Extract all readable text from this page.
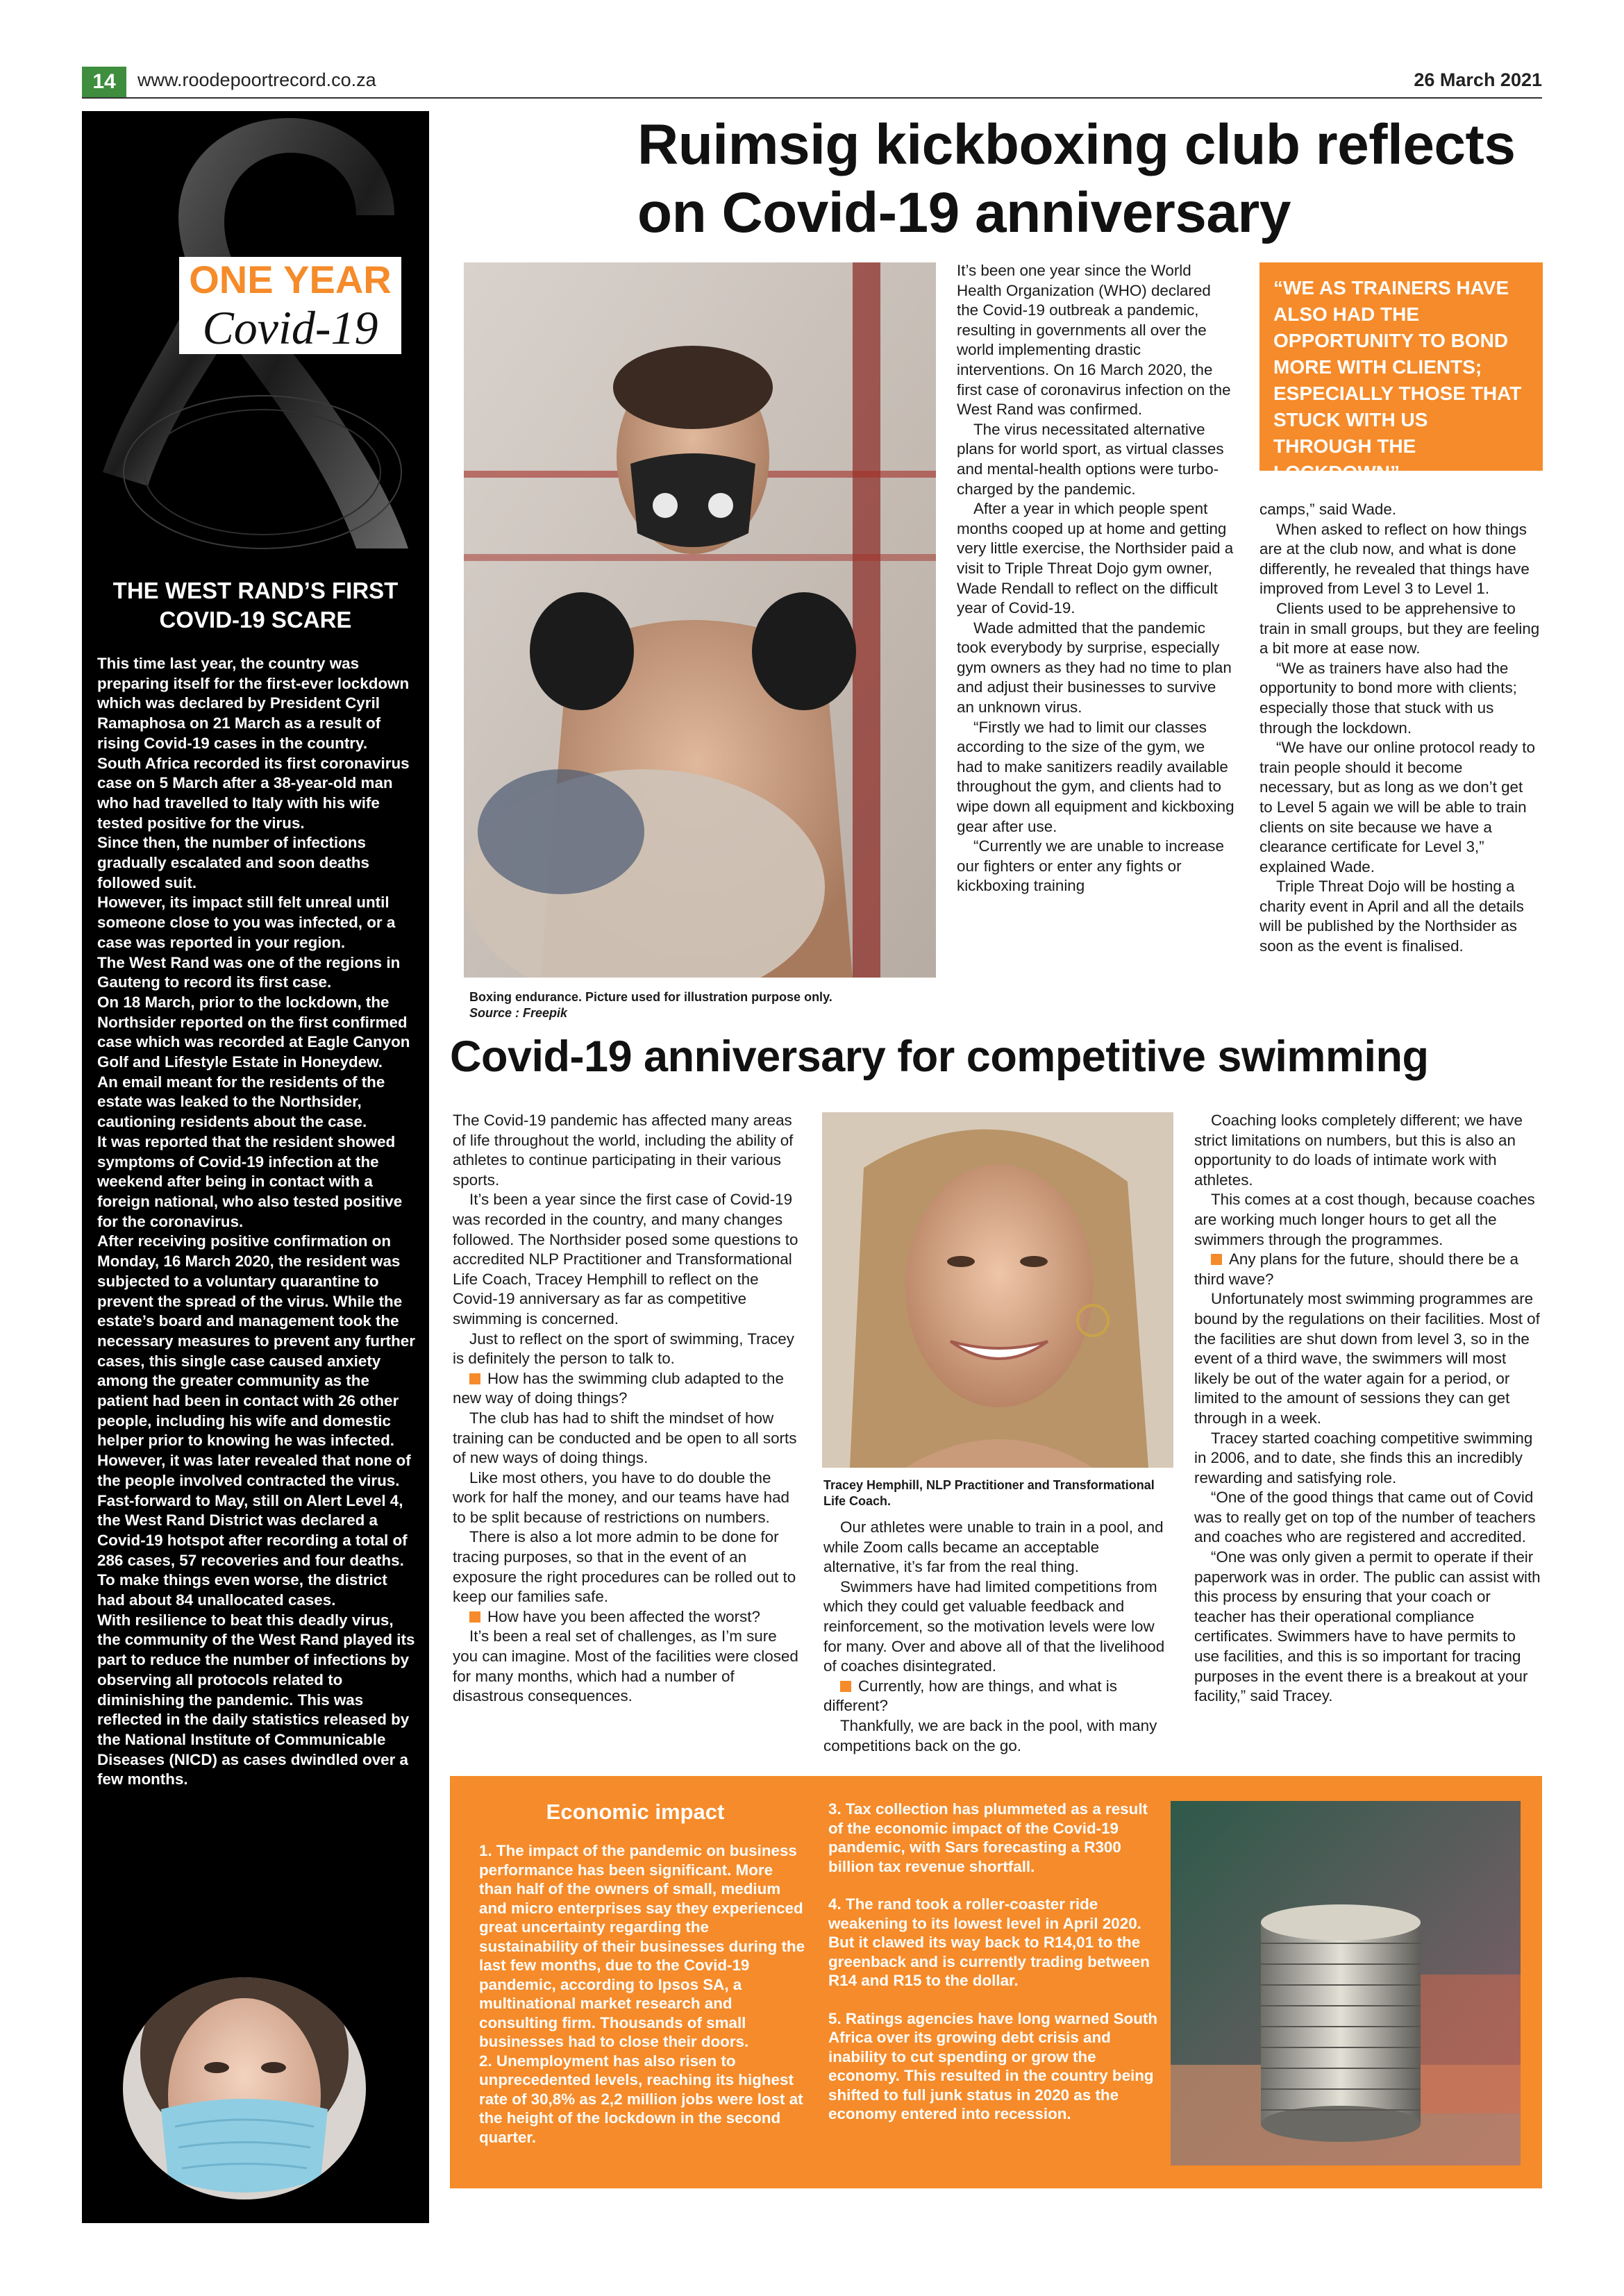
14	www.roodepoortrecord.co.za	26 March 2021
ONE YEAR
Covid-19
THE WEST RAND’S FIRST
COVID-19 SCARE

This time last year, the country was preparing itself for the first-ever lockdown which was declared by President Cyril Ramaphosa on 21 March as a result of rising Covid-19 cases in the country.

South Africa recorded its first coronavirus case on 5 March after a 38-year-old man who had travelled to Italy with his wife tested positive for the virus.

Since then, the number of infections gradually escalated and soon deaths followed suit.

However, its impact still felt unreal until someone close to you was infected, or a case was reported in your region.

The West Rand was one of the regions in Gauteng to record its first case.

On 18 March, prior to the lockdown, the Northsider reported on the first confirmed case which was recorded at Eagle Canyon Golf and Lifestyle Estate in Honeydew.

An email meant for the residents of the estate was leaked to the Northsider, cautioning residents about the case.

It was reported that the resident showed symptoms of Covid-19 infection at the weekend after being in contact with a foreign national, who also tested positive for the coronavirus.

After receiving positive confirmation on Monday, 16 March 2020, the resident was subjected to a voluntary quarantine to prevent the spread of the virus. While the estate’s board and management took the necessary measures to prevent any further cases, this single case caused anxiety among the greater community as the patient had been in contact with 26 other people, including his wife and domestic helper prior to knowing he was infected. However, it was later revealed that none of the people involved contracted the virus.

Fast-forward to May, still on Alert Level 4, the West Rand District was declared a Covid-19 hotspot after recording a total of 286 cases, 57 recoveries and four deaths. To make things even worse, the district had about 84 unallocated cases.

With resilience to beat this deadly virus, the community of the West Rand played its part to reduce the number of infections by observing all protocols related to diminishing the pandemic. This was reflected in the daily statistics released by the National Institute of Communicable Diseases (NICD) as cases dwindled over a few months.

Ruimsig kickboxing club reflects
on Covid-19 anniversary
Boxing endurance. Picture used for illustration purpose only.
Source : Freepik

It’s been one year since the World Health Organization (WHO) declared the Covid-19 outbreak a pandemic, resulting in governments all over the world implementing drastic interventions. On 16 March 2020, the first case of coronavirus infection on the West Rand was confirmed.

The virus necessitated alternative plans for world sport, as virtual classes and mental-health options were turbo-charged by the pandemic.

After a year in which people spent months cooped up at home and getting very little exercise, the Northsider paid a visit to Triple Threat Dojo gym owner, Wade Rendall to reflect on the difficult year of Covid-19.

Wade admitted that the pandemic took everybody by surprise, especially gym owners as they had no time to plan and adjust their businesses to survive an unknown virus.

“Firstly we had to limit our classes according to the size of the gym, we had to make sanitizers readily available throughout the gym, and clients had to wipe down all equipment and kickboxing gear after use.

“Currently we are unable to increase our fighters or enter any fights or kickboxing training

“WE AS TRAINERS HAVE ALSO HAD THE OPPORTUNITY TO BOND MORE WITH CLIENTS; ESPECIALLY THOSE THAT STUCK WITH US THROUGH THE LOCKDOWN”

camps,” said Wade.

When asked to reflect on how things are at the club now, and what is done differently, he revealed that things have improved from Level 3 to Level 1.

Clients used to be apprehensive to train in small groups, but they are feeling a bit more at ease now.

“We as trainers have also had the opportunity to bond more with clients; especially those that stuck with us through the lockdown.

“We have our online protocol ready to train people should it become necessary, but as long as we don’t get to Level 5 again we will be able to train clients on site because we have a clearance certificate for Level 3,” explained Wade.

Triple Threat Dojo will be hosting a charity event in April and all the details will be published by the Northsider as soon as the event is finalised.

Covid-19 anniversary for competitive swimming

The Covid-19 pandemic has affected many areas of life throughout the world, including the ability of athletes to continue participating in their various sports.

It’s been a year since the first case of Covid-19 was recorded in the country, and many changes followed. The Northsider posed some questions to accredited NLP Practitioner and Transformational Life Coach, Tracey Hemphill to reflect on the Covid-19 anniversary as far as competitive swimming is concerned.

Just to reflect on the sport of swimming, Tracey is definitely the person to talk to.

How has the swimming club adapted to the new way of doing things?

The club has had to shift the mindset of how training can be conducted and be open to all sorts of new ways of doing things.

Like most others, you have to do double the work for half the money, and our teams have had to be split because of restrictions on numbers.

There is also a lot more admin to be done for tracing purposes, so that in the event of an exposure the right procedures can be rolled out to keep our families safe.

How have you been affected the worst?

It’s been a real set of challenges, as I’m sure you can imagine. Most of the facilities were closed for many months, which had a number of disastrous consequences.

Tracey Hemphill, NLP Practitioner and Transformational Life Coach.

Our athletes were unable to train in a pool, and while Zoom calls became an acceptable alternative, it’s far from the real thing.

Swimmers have had limited competitions from which they could get valuable feedback and reinforcement, so the motivation levels were low for many. Over and above all of that the livelihood of coaches disintegrated.

Currently, how are things, and what is different?

Thankfully, we are back in the pool, with many competitions back on the go.

Coaching looks completely different; we have strict limitations on numbers, but this is also an opportunity to do loads of intimate work with athletes.

This comes at a cost though, because coaches are working much longer hours to get all the swimmers through the programmes.

Any plans for the future, should there be a third wave?

Unfortunately most swimming programmes are bound by the regulations on their facilities. Most of the facilities are shut down from level 3, so in the event of a third wave, the swimmers will most likely be out of the water again for a period, or limited to the amount of sessions they can get through in a week.

Tracey started coaching competitive swimming in 2006, and to date, she finds this an incredibly rewarding and satisfying role.

“One of the good things that came out of Covid was to really get on top of the number of teachers and coaches who are registered and accredited.

“One was only given a permit to operate if their paperwork was in order. The public can assist with this process by ensuring that your coach or teacher has their operational compliance certificates. Swimmers have to have permits to use facilities, and this is so important for tracing purposes in the event there is a breakout at your facility,” said Tracey.

Economic impact

1. The impact of the pandemic on business performance has been significant. More than half of the owners of small, medium and micro enterprises say they experienced great uncertainty regarding the sustainability of their businesses during the last few months, due to the Covid-19 pandemic, according to Ipsos SA, a multinational market research and consulting firm. Thousands of small businesses had to close their doors.
2. Unemployment has also risen to unprecedented levels, reaching its highest rate of 30,8% as 2,2 million jobs were lost at the height of the lockdown in the second quarter.

3. Tax collection has plummeted as a result of the economic impact of the Covid-19 pandemic, with Sars forecasting a R300 billion tax revenue shortfall.

4. The rand took a roller-coaster ride weakening to its lowest level in April 2020. But it clawed its way back to R14,01 to the greenback and is currently trading between R14 and R15 to the dollar.

5. Ratings agencies have long warned South Africa over its growing debt crisis and inability to cut spending or grow the economy. This resulted in the country being shifted to full junk status in 2020 as the economy entered into recession.
